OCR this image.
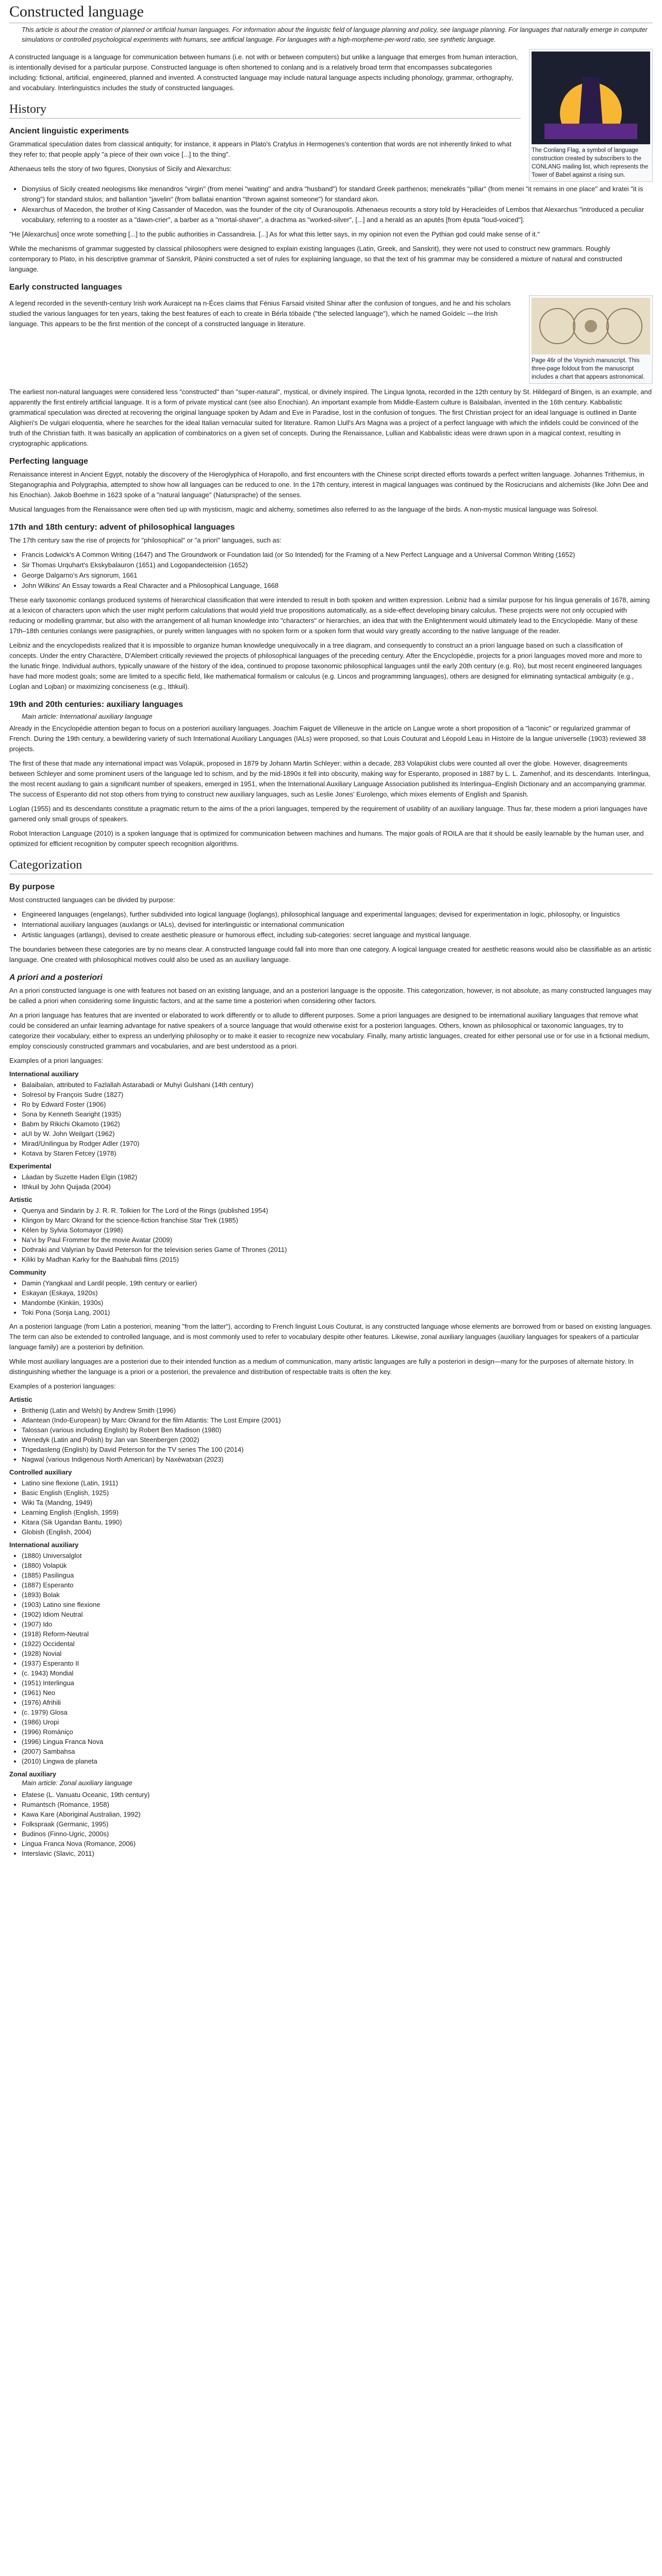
Constructed language
This article is about the creation of planned or artificial human languages. For information about the linguistic field of language planning and policy, see language planning. For languages that naturally emerge in computer simulations or controlled psychological experiments with humans, see artificial language. For languages with a high-morpheme-per-word ratio, see synthetic language.

A constructed language is a language for communication between humans (i.e. not with or between computers) but unlike a language that emerges from human interaction, is intentionally devised for a particular purpose. Constructed language is often shortened to conlang and is a relatively broad term that encompasses subcategories including: fictional, artificial, engineered, planned and invented. A constructed language may include natural language aspects including phonology, grammar, orthography, and vocabulary. Interlinguistics includes the study of constructed languages.

History
Ancient linguistic experiments

Grammatical speculation dates from classical antiquity; for instance, it appears in Plato's Cratylus in Hermogenes's contention that words are not inherently linked to what they refer to; that people apply "a piece of their own voice [...] to the thing".

Athenaeus tells the story of two figures, Dionysius of Sicily and Alexarchus:

The Conlang Flag, a symbol of language construction created by subscribers to the CONLANG mailing list, which represents the Tower of Babel against a rising sun.
• Dionysius of Sicily created neologisms like menandros "virgin" (from menei "waiting" and andra "husband") for standard Greek parthenos; menekratēs "pillar" (from menei "it remains in one place" and kratei "it is strong") for standard stulos; and ballantion "javelin" (from ballatai enantion "thrown against someone") for standard akon.
• Alexarchus of Macedon, the brother of King Cassander of Macedon, was the founder of the city of Ouranoupolis. Athenaeus recounts a story told by Heracleides of Lembos that Alexarchus "introduced a peculiar vocabulary, referring to a rooster as a "dawn-crier", a barber as a "mortal-shaver", a drachma as "worked-silver", [...] and a herald as an aputēs [from ēputa "loud-voiced"].

"He [Alexarchus] once wrote something [...] to the public authorities in Cassandreia. [...] As for what this letter says, in my opinion not even the Pythian god could make sense of it."

While the mechanisms of grammar suggested by classical philosophers were designed to explain existing languages (Latin, Greek, and Sanskrit), they were not used to construct new grammars. Roughly contemporary to Plato, in his descriptive grammar of Sanskrit, Pāṇini constructed a set of rules for explaining language, so that the text of his grammar may be considered a mixture of natural and constructed language.

Early constructed languages

A legend recorded in the seventh-century Irish work Auraicept na n-Éces claims that Fénius Farsaid visited Shinar after the confusion of tongues, and he and his scholars studied the various languages for ten years, taking the best features of each to create in Bérla tóbaide ("the selected language"), which he named Goídelc —the Irish language. This appears to be the first mention of the concept of a constructed language in literature.

Page 46r of the Voynich manuscript. This three-page foldout from the manuscript includes a chart that appears astronomical.

The earliest non-natural languages were considered less "constructed" than "super-natural", mystical, or divinely inspired. The Lingua Ignota, recorded in the 12th century by St. Hildegard of Bingen, is an example, and apparently the first entirely artificial language. It is a form of private mystical cant (see also Enochian). An important example from Middle-Eastern culture is Balaibalan, invented in the 16th century. Kabbalistic grammatical speculation was directed at recovering the original language spoken by Adam and Eve in Paradise, lost in the confusion of tongues. The first Christian project for an ideal language is outlined in Dante Alighieri's De vulgari eloquentia, where he searches for the ideal Italian vernacular suited for literature. Ramon Llull's Ars Magna was a project of a perfect language with which the infidels could be convinced of the truth of the Christian faith. It was basically an application of combinatorics on a given set of concepts. During the Renaissance, Lullian and Kabbalistic ideas were drawn upon in a magical context, resulting in cryptographic applications.

Perfecting language

Renaissance interest in Ancient Egypt, notably the discovery of the Hieroglyphica of Horapollo, and first encounters with the Chinese script directed efforts towards a perfect written language. Johannes Trithemius, in Steganographia and Polygraphia, attempted to show how all languages can be reduced to one. In the 17th century, interest in magical languages was continued by the Rosicrucians and alchemists (like John Dee and his Enochian). Jakob Boehme in 1623 spoke of a "natural language" (Natursprache) of the senses.

Musical languages from the Renaissance were often tied up with mysticism, magic and alchemy, sometimes also referred to as the language of the birds. A non-mystic musical language was Solresol.

17th and 18th century: advent of philosophical languages

The 17th century saw the rise of projects for "philosophical" or "a priori" languages, such as:

• Francis Lodwick's A Common Writing (1647) and The Groundwork or Foundation laid (or So Intended) for the Framing of a New Perfect Language and a Universal Common Writing (1652)
• Sir Thomas Urquhart's Ekskybalauron (1651) and Logopandecteision (1652)
• George Dalgarno's Ars signorum, 1661
• John Wilkins' An Essay towards a Real Character and a Philosophical Language, 1668

These early taxonomic conlangs produced systems of hierarchical classification that were intended to result in both spoken and written expression. Leibniz had a similar purpose for his lingua generalis of 1678, aiming at a lexicon of characters upon which the user might perform calculations that would yield true propositions automatically, as a side-effect developing binary calculus. These projects were not only occupied with reducing or modelling grammar, but also with the arrangement of all human knowledge into "characters" or hierarchies, an idea that with the Enlightenment would ultimately lead to the Encyclopédie. Many of these 17th–18th centuries conlangs were pasigraphies, or purely written languages with no spoken form or a spoken form that would vary greatly according to the native language of the reader.

Leibniz and the encyclopedists realized that it is impossible to organize human knowledge unequivocally in a tree diagram, and consequently to construct an a priori language based on such a classification of concepts. Under the entry Charactère, D'Alembert critically reviewed the projects of philosophical languages of the preceding century. After the Encyclopédie, projects for a priori languages moved more and more to the lunatic fringe. Individual authors, typically unaware of the history of the idea, continued to propose taxonomic philosophical languages until the early 20th century (e.g. Ro), but most recent engineered languages have had more modest goals; some are limited to a specific field, like mathematical formalism or calculus (e.g. Lincos and programming languages), others are designed for eliminating syntactical ambiguity (e.g., Loglan and Lojban) or maximizing conciseness (e.g., Ithkuil).

19th and 20th centuries: auxiliary languages
Main article: International auxiliary language

Already in the Encyclopédie attention began to focus on a posteriori auxiliary languages. Joachim Faiguet de Villeneuve in the article on Langue wrote a short proposition of a "laconic" or regularized grammar of French. During the 19th century, a bewildering variety of such International Auxiliary Languages (IALs) were proposed, so that Louis Couturat and Léopold Leau in Histoire de la langue universelle (1903) reviewed 38 projects.

The first of these that made any international impact was Volapük, proposed in 1879 by Johann Martin Schleyer; within a decade, 283 Volapükist clubs were counted all over the globe. However, disagreements between Schleyer and some prominent users of the language led to schism, and by the mid-1890s it fell into obscurity, making way for Esperanto, proposed in 1887 by L. L. Zamenhof, and its descendants. Interlingua, the most recent auxlang to gain a significant number of speakers, emerged in 1951, when the International Auxiliary Language Association published its Interlingua–English Dictionary and an accompanying grammar. The success of Esperanto did not stop others from trying to construct new auxiliary languages, such as Leslie Jones' Eurolengo, which mixes elements of English and Spanish.

Loglan (1955) and its descendants constitute a pragmatic return to the aims of the a priori languages, tempered by the requirement of usability of an auxiliary language. Thus far, these modern a priori languages have garnered only small groups of speakers.

Robot Interaction Language (2010) is a spoken language that is optimized for communication between machines and humans. The major goals of ROILA are that it should be easily learnable by the human user, and optimized for efficient recognition by computer speech recognition algorithms.

Categorization
By purpose

Most constructed languages can be divided by purpose:

• Engineered languages (engelangs), further subdivided into logical language (loglangs), philosophical language and experimental languages; devised for experimentation in logic, philosophy, or linguistics
• International auxiliary languages (auxlangs or IALs), devised for interlinguistic or international communication
• Artistic languages (artlangs), devised to create aesthetic pleasure or humorous effect, including sub-categories: secret language and mystical language.

The boundaries between these categories are by no means clear. A constructed language could fall into more than one category. A logical language created for aesthetic reasons would also be classifiable as an artistic language. One created with philosophical motives could also be used as an auxiliary language.

A priori and a posteriori

An a priori constructed language is one with features not based on an existing language, and an a posteriori language is the opposite. This categorization, however, is not absolute, as many constructed languages may be called a priori when considering some linguistic factors, and at the same time a posteriori when considering other factors.

An a priori language has features that are invented or elaborated to work differently or to allude to different purposes. Some a priori languages are designed to be international auxiliary languages that remove what could be considered an unfair learning advantage for native speakers of a source language that would otherwise exist for a posteriori languages. Others, known as philosophical or taxonomic languages, try to categorize their vocabulary, either to express an underlying philosophy or to make it easier to recognize new vocabulary. Finally, many artistic languages, created for either personal use or for use in a fictional medium, employ consciously constructed grammars and vocabularies, and are best understood as a priori.

Examples of a priori languages:

International auxiliary
• Balaibalan, attributed to Fazlallah Astarabadi or Muhyi Gulshani (14th century)
• Solresol by François Sudre (1827)
• Ro by Edward Foster (1906)
• Sona by Kenneth Searight (1935)
• Babm by Rikichi Okamoto (1962)
• aUI by W. John Weilgart (1962)
• Mirad/Unilingua by Rodger Adler (1970)
• Kotava by Staren Fetcey (1978)
Experimental
• Láadan by Suzette Haden Elgin (1982)
• Ithkuil by John Quijada (2004)
Artistic
• Quenya and Sindarin by J. R. R. Tolkien for The Lord of the Rings (published 1954)
• Klingon by Marc Okrand for the science-fiction franchise Star Trek (1985)
• Kēlen by Sylvia Sotomayor (1998)
• Na'vi by Paul Frommer for the movie Avatar (2009)
• Dothraki and Valyrian by David Peterson for the television series Game of Thrones (2011)
• Kiliki by Madhan Karky for the Baahubali films (2015)
Community
• Damin (Yangkaal and Lardil people, 19th century or earlier)
• Eskayan (Eskaya, 1920s)
• Mandombe (Kinkiin, 1930s)
• Toki Pona (Sonja Lang, 2001)

An a posteriori language (from Latin a posteriori, meaning "from the latter"), according to French linguist Louis Couturat, is any constructed language whose elements are borrowed from or based on existing languages. The term can also be extended to controlled language, and is most commonly used to refer to vocabulary despite other features. Likewise, zonal auxiliary languages (auxiliary languages for speakers of a particular language family) are a posteriori by definition.

While most auxiliary languages are a posteriori due to their intended function as a medium of communication, many artistic languages are fully a posteriori in design—many for the purposes of alternate history. In distinguishing whether the language is a priori or a posteriori, the prevalence and distribution of respectable traits is often the key.

Examples of a posteriori languages:

Artistic
• Brithenig (Latin and Welsh) by Andrew Smith (1996)
• Atlantean (Indo-European) by Marc Okrand for the film Atlantis: The Lost Empire (2001)
• Talossan (various including English) by Robert Ben Madison (1980)
• Wenedyk (Latin and Polish) by Jan van Steenbergen (2002)
• Trigedasleng (English) by David Peterson for the TV series The 100 (2014)
• Nagwal (various Indigenous North American) by Naxéwatxan (2023)
Controlled auxiliary
• Latino sine flexione (Latin, 1911)
• Basic English (English, 1925)
• Wiki Ta (Mandng, 1949)
• Learning English (English, 1959)
• Kitara (Sik Ugandan Bantu, 1990)
• Globish (English, 2004)
International auxiliary
• (1880) Universalglot
• (1880) Volapük
• (1885) Pasilingua
• (1887) Esperanto
• (1893) Bolak
• (1903) Latino sine flexione
• (1902) Idiom Neutral
• (1907) Ido
• (1918) Reform-Neutral
• (1922) Occidental
• (1928) Novial
• (1937) Esperanto II
• (c. 1943) Mondial
• (1951) Interlingua
• (1961) Neo
• (1976) Afrihili
• (c. 1979) Glosa
• (1986) Uropi
• (1996) Romániço
• (1996) Lingua Franca Nova
• (2007) Sambahsa
• (2010) Lingwa de planeta
Zonal auxiliary
Main article: Zonal auxiliary language
• Efatese (L. Vanuatu Oceanic, 19th century)
• Rumantsch (Romance, 1958)
• Kawa Kare (Aboriginal Australian, 1992)
• Folkspraak (Germanic, 1995)
• Budinos (Finno-Ugric, 2000s)
• Lingua Franca Nova (Romance, 2006)
• Interslavic (Slavic, 2011)
